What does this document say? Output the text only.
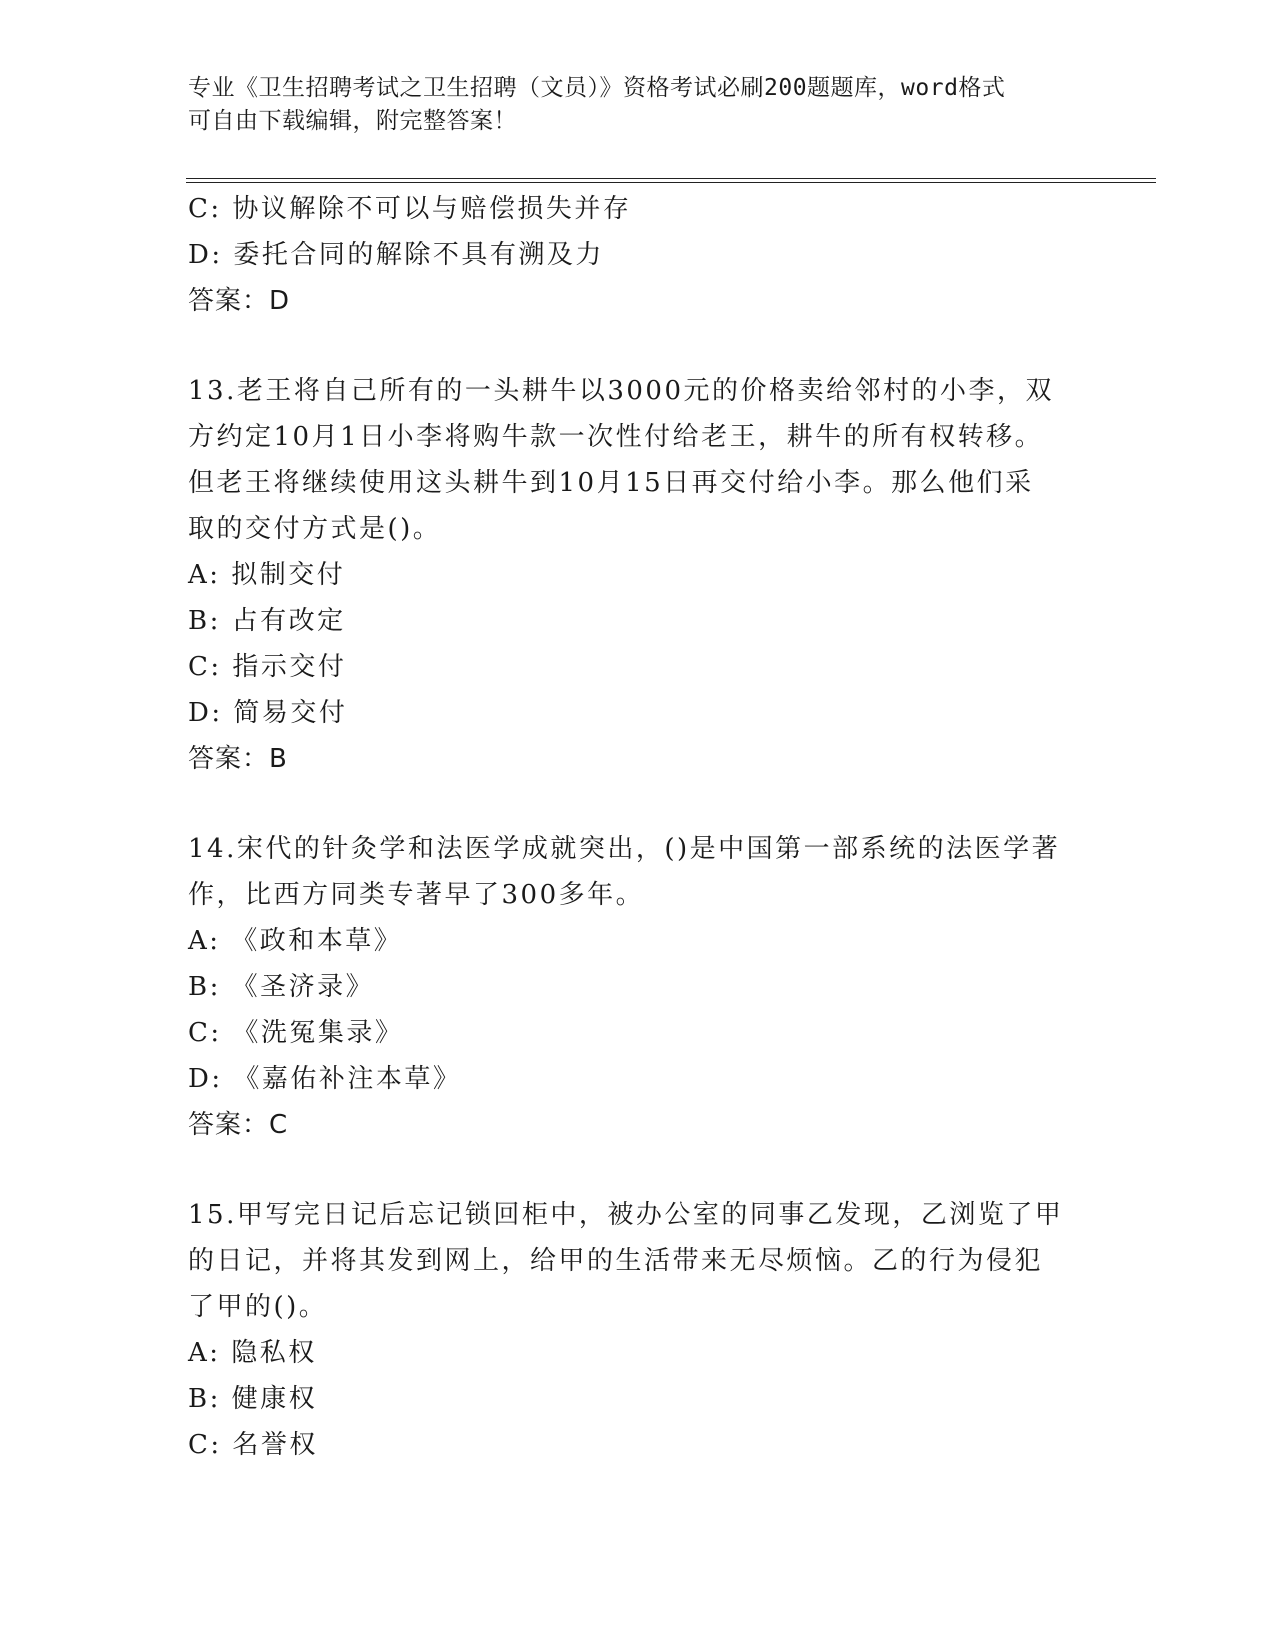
专业《卫生招聘考试之卫生招聘（文员）》资格考试必刷200题题库，word格式
可自由下载编辑，附完整答案！
C: 协议解除不可以与赔偿损失并存
D: 委托合同的解除不具有溯及力
答案：D
13.老王将自己所有的一头耕牛以3000元的价格卖给邻村的小李，双
方约定10月1日小李将购牛款一次性付给老王，耕牛的所有权转移。
但老王将继续使用这头耕牛到10月15日再交付给小李。那么他们采
取的交付方式是()。
A: 拟制交付
B: 占有改定
C: 指示交付
D: 简易交付
答案：B
14.宋代的针灸学和法医学成就突出，()是中国第一部系统的法医学著
作，比西方同类专著早了300多年。
A: 《政和本草》
B: 《圣济录》
C: 《洗冤集录》
D: 《嘉佑补注本草》
答案：C
15.甲写完日记后忘记锁回柜中，被办公室的同事乙发现，乙浏览了甲
的日记，并将其发到网上，给甲的生活带来无尽烦恼。乙的行为侵犯
了甲的()。
A: 隐私权
B: 健康权
C: 名誉权
